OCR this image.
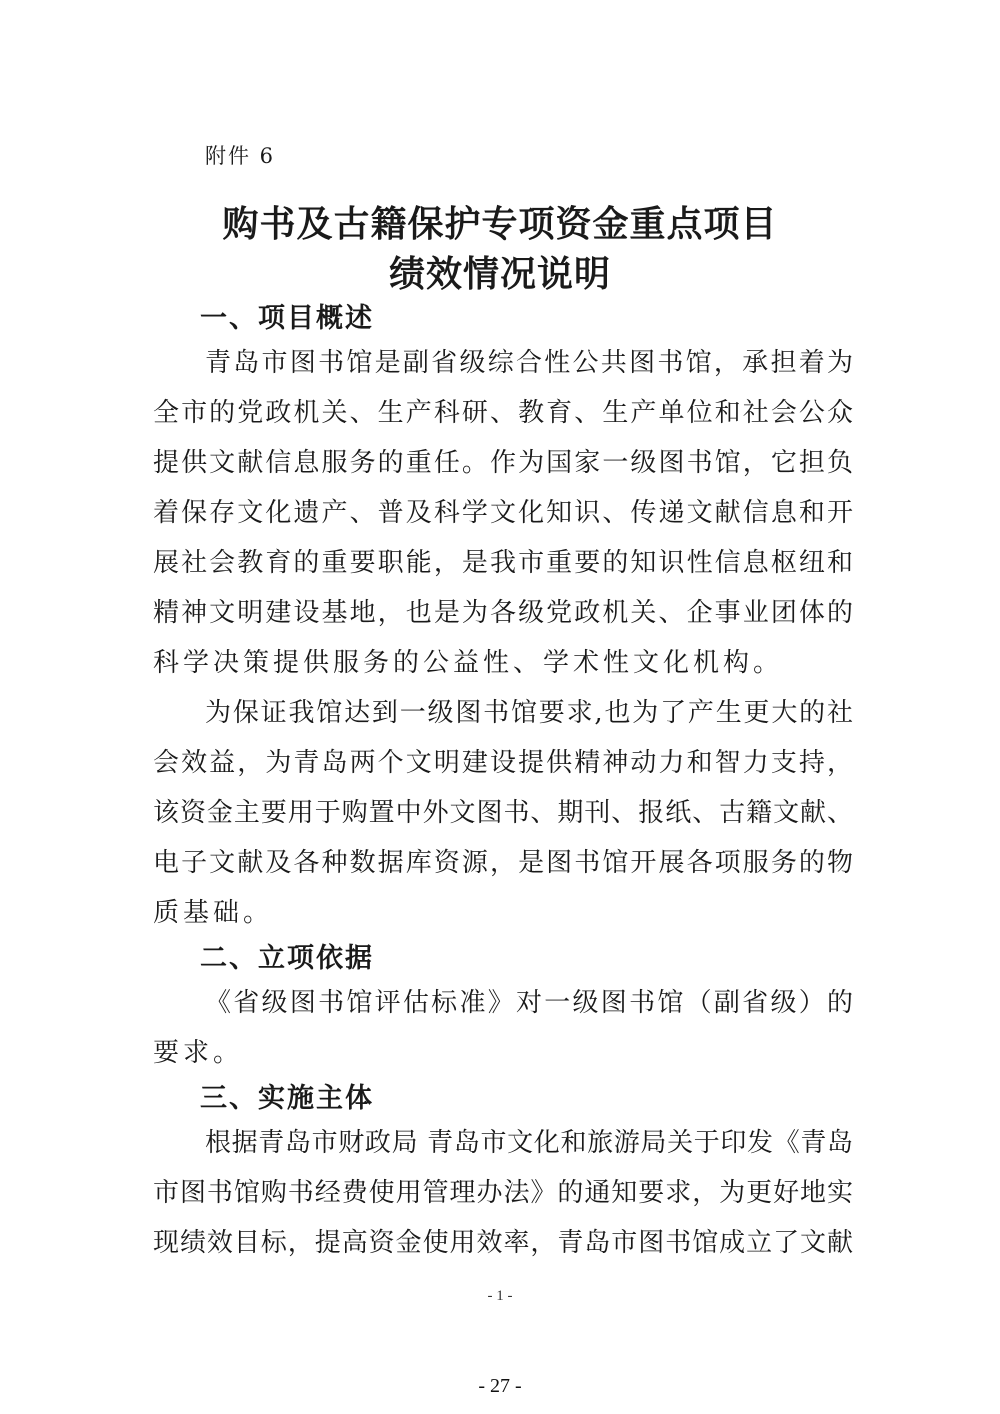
附件 6
购书及古籍保护专项资金重点项目
绩效情况说明
一、项目概述
青岛市图书馆是副省级综合性公共图书馆，承担着为
全市的党政机关、生产科研、教育、生产单位和社会公众
提供文献信息服务的重任。作为国家一级图书馆，它担负
着保存文化遗产、普及科学文化知识、传递文献信息和开
展社会教育的重要职能，是我市重要的知识性信息枢纽和
精神文明建设基地，也是为各级党政机关、企事业团体的
科学决策提供服务的公益性、学术性文化机构。
为保证我馆达到一级图书馆要求,也为了产生更大的社
会效益，为青岛两个文明建设提供精神动力和智力支持，
该资金主要用于购置中外文图书、期刊、报纸、古籍文献、
电子文献及各种数据库资源，是图书馆开展各项服务的物
质基础。
二、立项依据
《省级图书馆评估标准》对一级图书馆（副省级）的
要求。
三、实施主体
根据青岛市财政局 青岛市文化和旅游局关于印发《青岛
- 1 -
- 27 -
市图书馆购书经费使用管理办法》的通知要求，为更好地实
现绩效目标，提高资金使用效率，青岛市图书馆成立了文献
